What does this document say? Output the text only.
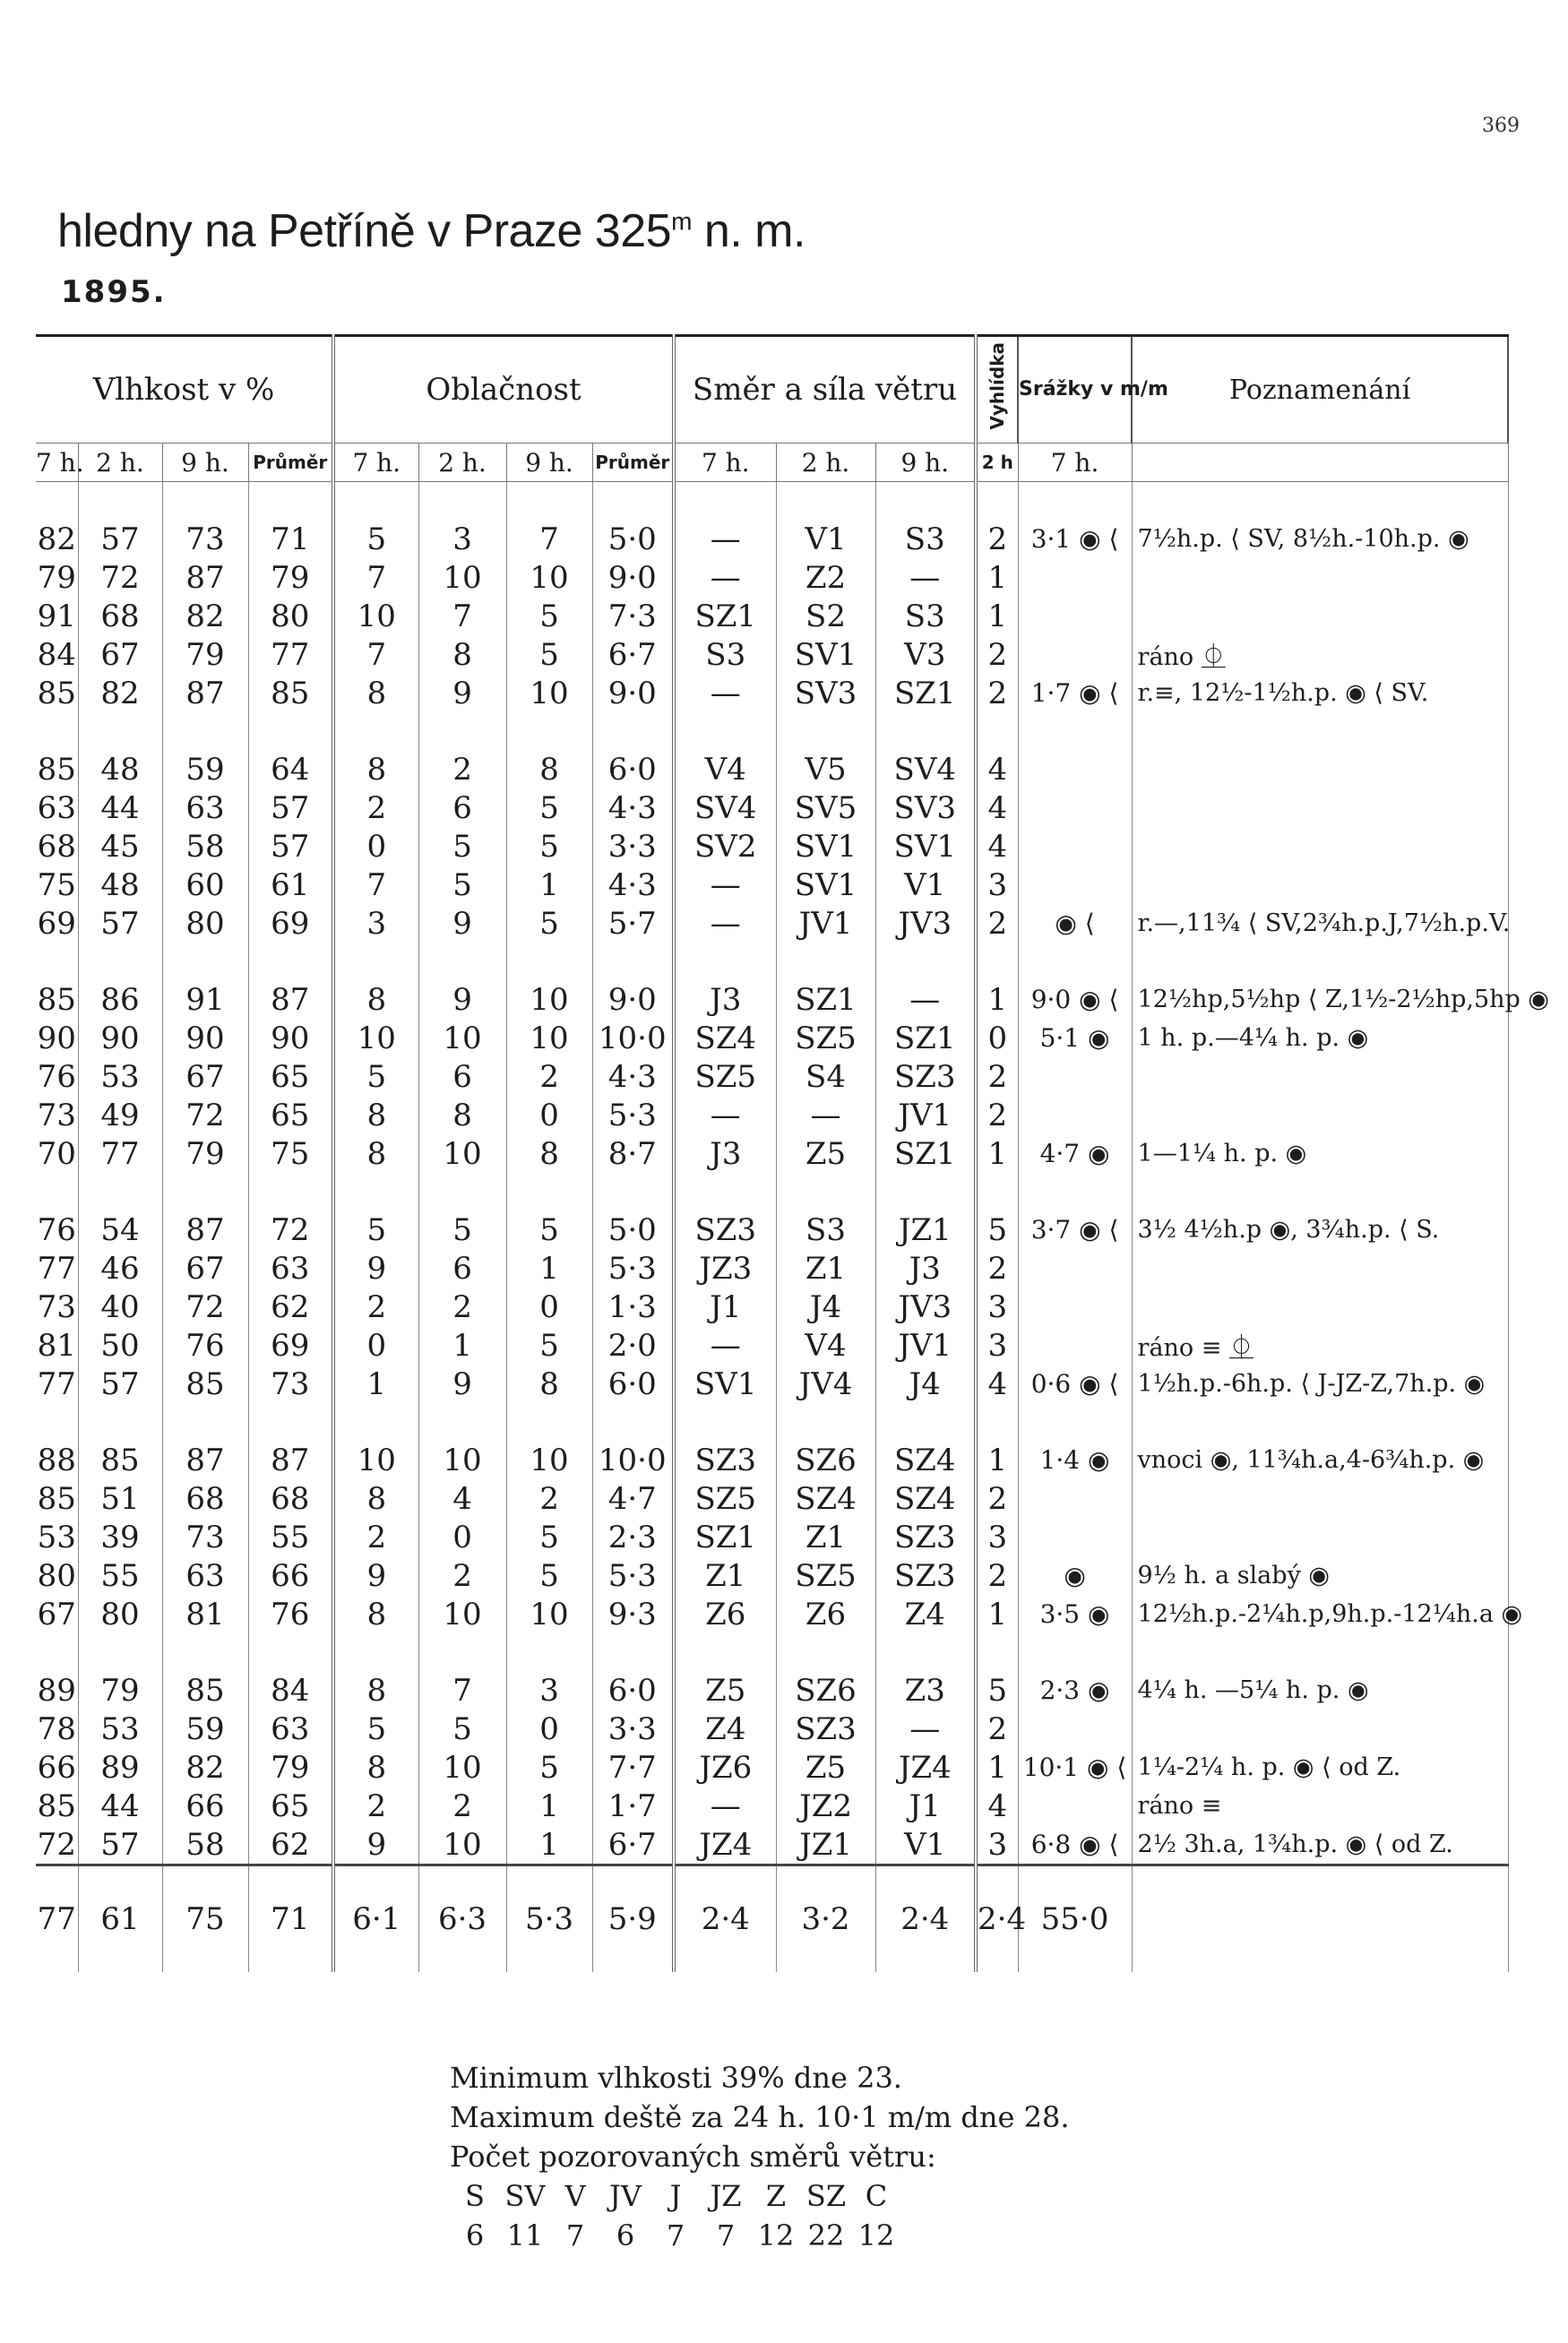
369
hledny na Petříně v Praze 325$^m$ n. m.
1895.
Vlhkost v %				Oblačnost				Směr a síla větru			Vyhlídka	Srážky v m/m	Poznamenání
7 h.	2 h.	9 h.	Průměr	7 h.	2 h.	9 h.	Průměr	7 h.	2 h.	9 h.	2 h	7 h.	

82	57	73	71	5	3	7	5·0	—	V1	S3	2	3·1 ◉ ⟨	7½h.p. ⟨ SV, 8½h.-10h.p. ◉
79	72	87	79	7	10	10	9·0	—	Z2	—	1		
91	68	82	80	10	7	5	7·3	SZ1	S2	S3	1		
84	67	79	77	7	8	5	6·7	S3	SV1	V3	2		ráno ⏂
85	82	87	85	8	9	10	9·0	—	SV3	SZ1	2	1·7 ◉ ⟨	r.≡, 12½-1½h.p. ◉ ⟨ SV.

85	48	59	64	8	2	8	6·0	V4	V5	SV4	4		
63	44	63	57	2	6	5	4·3	SV4	SV5	SV3	4		
68	45	58	57	0	5	5	3·3	SV2	SV1	SV1	4		
75	48	60	61	7	5	1	4·3	—	SV1	V1	3		
69	57	80	69	3	9	5	5·7	—	JV1	JV3	2	◉ ⟨	r.—,11¾ ⟨ SV,2¾h.p.J,7½h.p.V.

85	86	91	87	8	9	10	9·0	J3	SZ1	—	1	9·0 ◉ ⟨	12½hp,5½hp ⟨ Z,1½-2½hp,5hp ◉
90	90	90	90	10	10	10	10·0	SZ4	SZ5	SZ1	0	5·1 ◉	1 h. p.—4¼ h. p. ◉
76	53	67	65	5	6	2	4·3	SZ5	S4	SZ3	2		
73	49	72	65	8	8	0	5·3	—	—	JV1	2		
70	77	79	75	8	10	8	8·7	J3	Z5	SZ1	1	4·7 ◉	1—1¼ h. p. ◉

76	54	87	72	5	5	5	5·0	SZ3	S3	JZ1	5	3·7 ◉ ⟨	3½ 4½h.p ◉, 3¾h.p. ⟨ S.
77	46	67	63	9	6	1	5·3	JZ3	Z1	J3	2		
73	40	72	62	2	2	0	1·3	J1	J4	JV3	3		
81	50	76	69	0	1	5	2·0	—	V4	JV1	3		ráno ≡ ⏂
77	57	85	73	1	9	8	6·0	SV1	JV4	J4	4	0·6 ◉ ⟨	1½h.p.-6h.p. ⟨ J-JZ-Z,7h.p. ◉

88	85	87	87	10	10	10	10·0	SZ3	SZ6	SZ4	1	1·4 ◉	vnoci ◉, 11¾h.a,4-6¾h.p. ◉
85	51	68	68	8	4	2	4·7	SZ5	SZ4	SZ4	2		
53	39	73	55	2	0	5	2·3	SZ1	Z1	SZ3	3		
80	55	63	66	9	2	5	5·3	Z1	SZ5	SZ3	2	◉	9½ h. a slabý ◉
67	80	81	76	8	10	10	9·3	Z6	Z6	Z4	1	3·5 ◉	12½h.p.-2¼h.p,9h.p.-12¼h.a ◉

89	79	85	84	8	7	3	6·0	Z5	SZ6	Z3	5	2·3 ◉	4¼ h. —5¼ h. p. ◉
78	53	59	63	5	5	0	3·3	Z4	SZ3	—	2		
66	89	82	79	8	10	5	7·7	JZ6	Z5	JZ4	1	10·1 ◉ ⟨	1¼-2¼ h. p. ◉ ⟨ od Z.
85	44	66	65	2	2	1	1·7	—	JZ2	J1	4		ráno ≡
72	57	58	62	9	10	1	6·7	JZ4	JZ1	V1	3	6·8 ◉ ⟨	2½ 3h.a, 1¾h.p. ◉ ⟨ od Z.
77	61	75	71	6·1	6·3	5·3	5·9	2·4	3·2	2·4	2·4	55·0	
Minimum vlhkosti 39% dne 23.
Maximum deště za 24 h. 10·1 m/m dne 28.
Počet pozorovaných směrů větru:
S SV V JV J JZ Z SZ C
6 11 7 6 7 7 12 22 12
